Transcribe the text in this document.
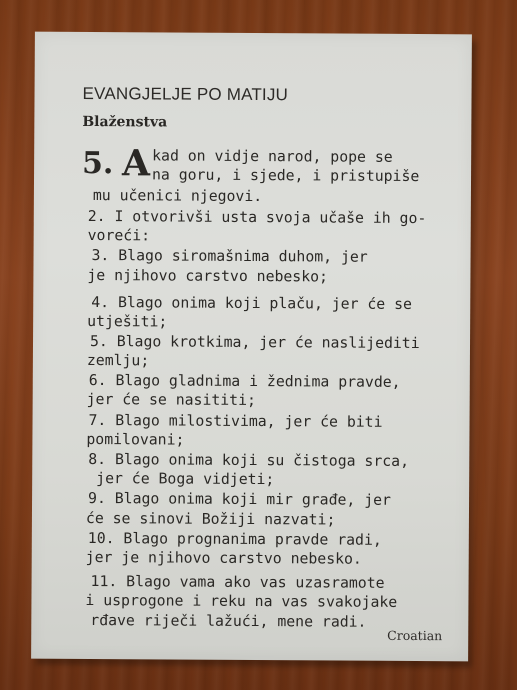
EVANGJELJE PO MATIJU
Blaženstva
5. A kad on vidje narod, pope se
na goru, i sjede, i pristupiše
mu učenici njegovi.
2. I otvorivši usta svoja učaše ih go-
voreći:
3. Blago siromašnima duhom, jer
je njihovo carstvo nebesko;
4. Blago onima koji plaču, jer će se
utješiti;
5. Blago krotkima, jer će naslijediti
zemlju;
6. Blago gladnima i žednima pravde,
jer će se nasititi;
7. Blago milostivima, jer će biti
pomilovani;
8. Blago onima koji su čistoga srca,
jer će Boga vidjeti;
9. Blago onima koji mir građe, jer
će se sinovi Božiji nazvati;
10. Blago prognanima pravde radi,
jer je njihovo carstvo nebesko.
11. Blago vama ako vas uzasramote
i usprogone i reku na vas svakojake
rđave riječi lažući, mene radi.
Croatian
